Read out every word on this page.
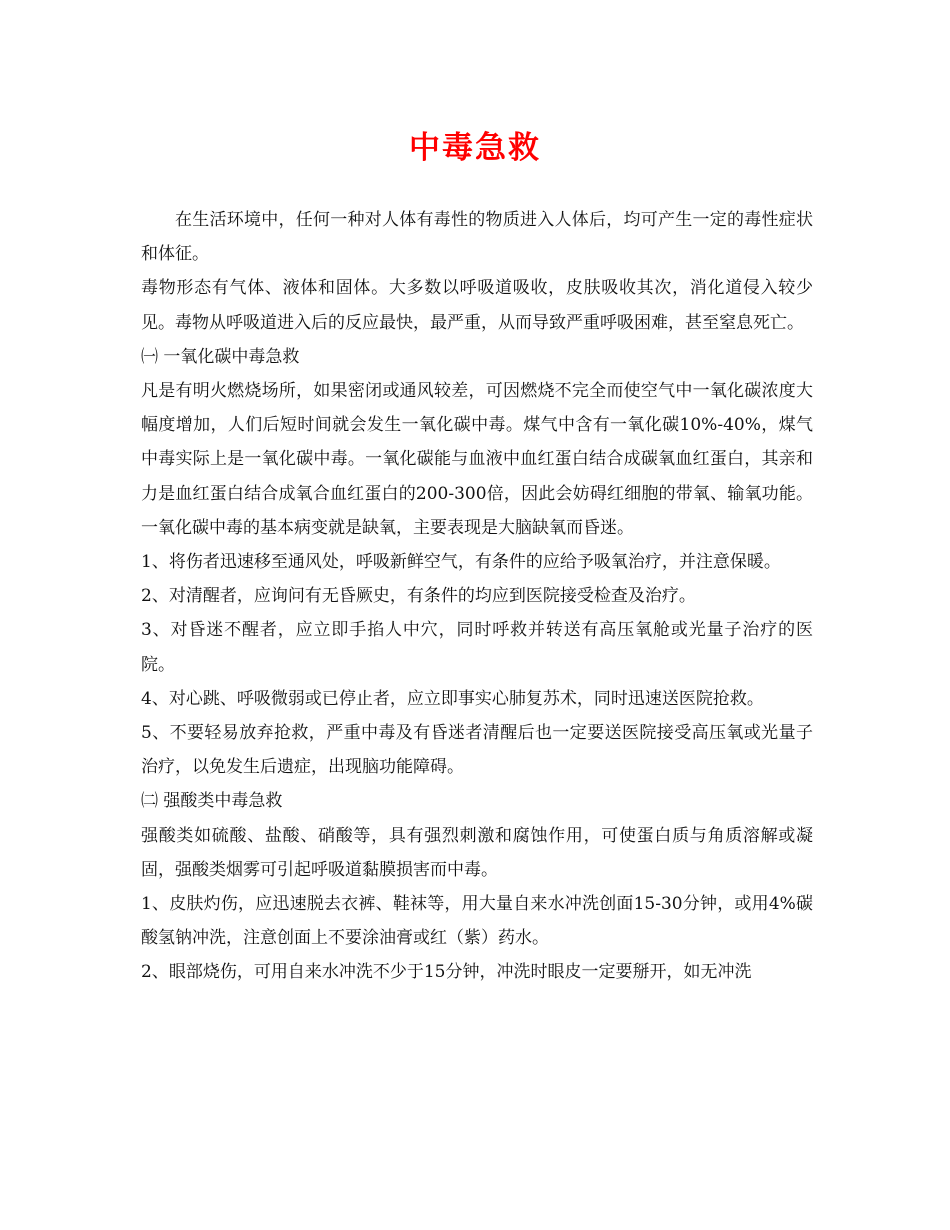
中毒急救

在生活环境中，任何一种对人体有毒性的物质进入人体后，均可产生一定的毒性症状和体征。

毒物形态有气体、液体和固体。大多数以呼吸道吸收，皮肤吸收其次，消化道侵入较少见。毒物从呼吸道进入后的反应最快，最严重，从而导致严重呼吸困难，甚至窒息死亡。

㈠ 一氧化碳中毒急救

凡是有明火燃烧场所，如果密闭或通风较差，可因燃烧不完全而使空气中一氧化碳浓度大幅度增加，人们后短时间就会发生一氧化碳中毒。煤气中含有一氧化碳10%-40%，煤气中毒实际上是一氧化碳中毒。一氧化碳能与血液中血红蛋白结合成碳氧血红蛋白，其亲和力是血红蛋白结合成氧合血红蛋白的200-300倍，因此会妨碍红细胞的带氧、输氧功能。一氧化碳中毒的基本病变就是缺氧，主要表现是大脑缺氧而昏迷。

1、将伤者迅速移至通风处，呼吸新鲜空气，有条件的应给予吸氧治疗，并注意保暖。

2、对清醒者，应询问有无昏厥史，有条件的均应到医院接受检查及治疗。

3、对昏迷不醒者，应立即手掐人中穴，同时呼救并转送有高压氧舱或光量子治疗的医院。

4、对心跳、呼吸微弱或已停止者，应立即事实心肺复苏术，同时迅速送医院抢救。

5、不要轻易放弃抢救，严重中毒及有昏迷者清醒后也一定要送医院接受高压氧或光量子治疗，以免发生后遗症，出现脑功能障碍。

㈡ 强酸类中毒急救

强酸类如硫酸、盐酸、硝酸等，具有强烈刺激和腐蚀作用，可使蛋白质与角质溶解或凝固，强酸类烟雾可引起呼吸道黏膜损害而中毒。

1、皮肤灼伤，应迅速脱去衣裤、鞋袜等，用大量自来水冲洗创面15-30分钟，或用4%碳酸氢钠冲洗，注意创面上不要涂油膏或红（紫）药水。

2、眼部烧伤，可用自来水冲洗不少于15分钟，冲洗时眼皮一定要掰开，如无冲洗
